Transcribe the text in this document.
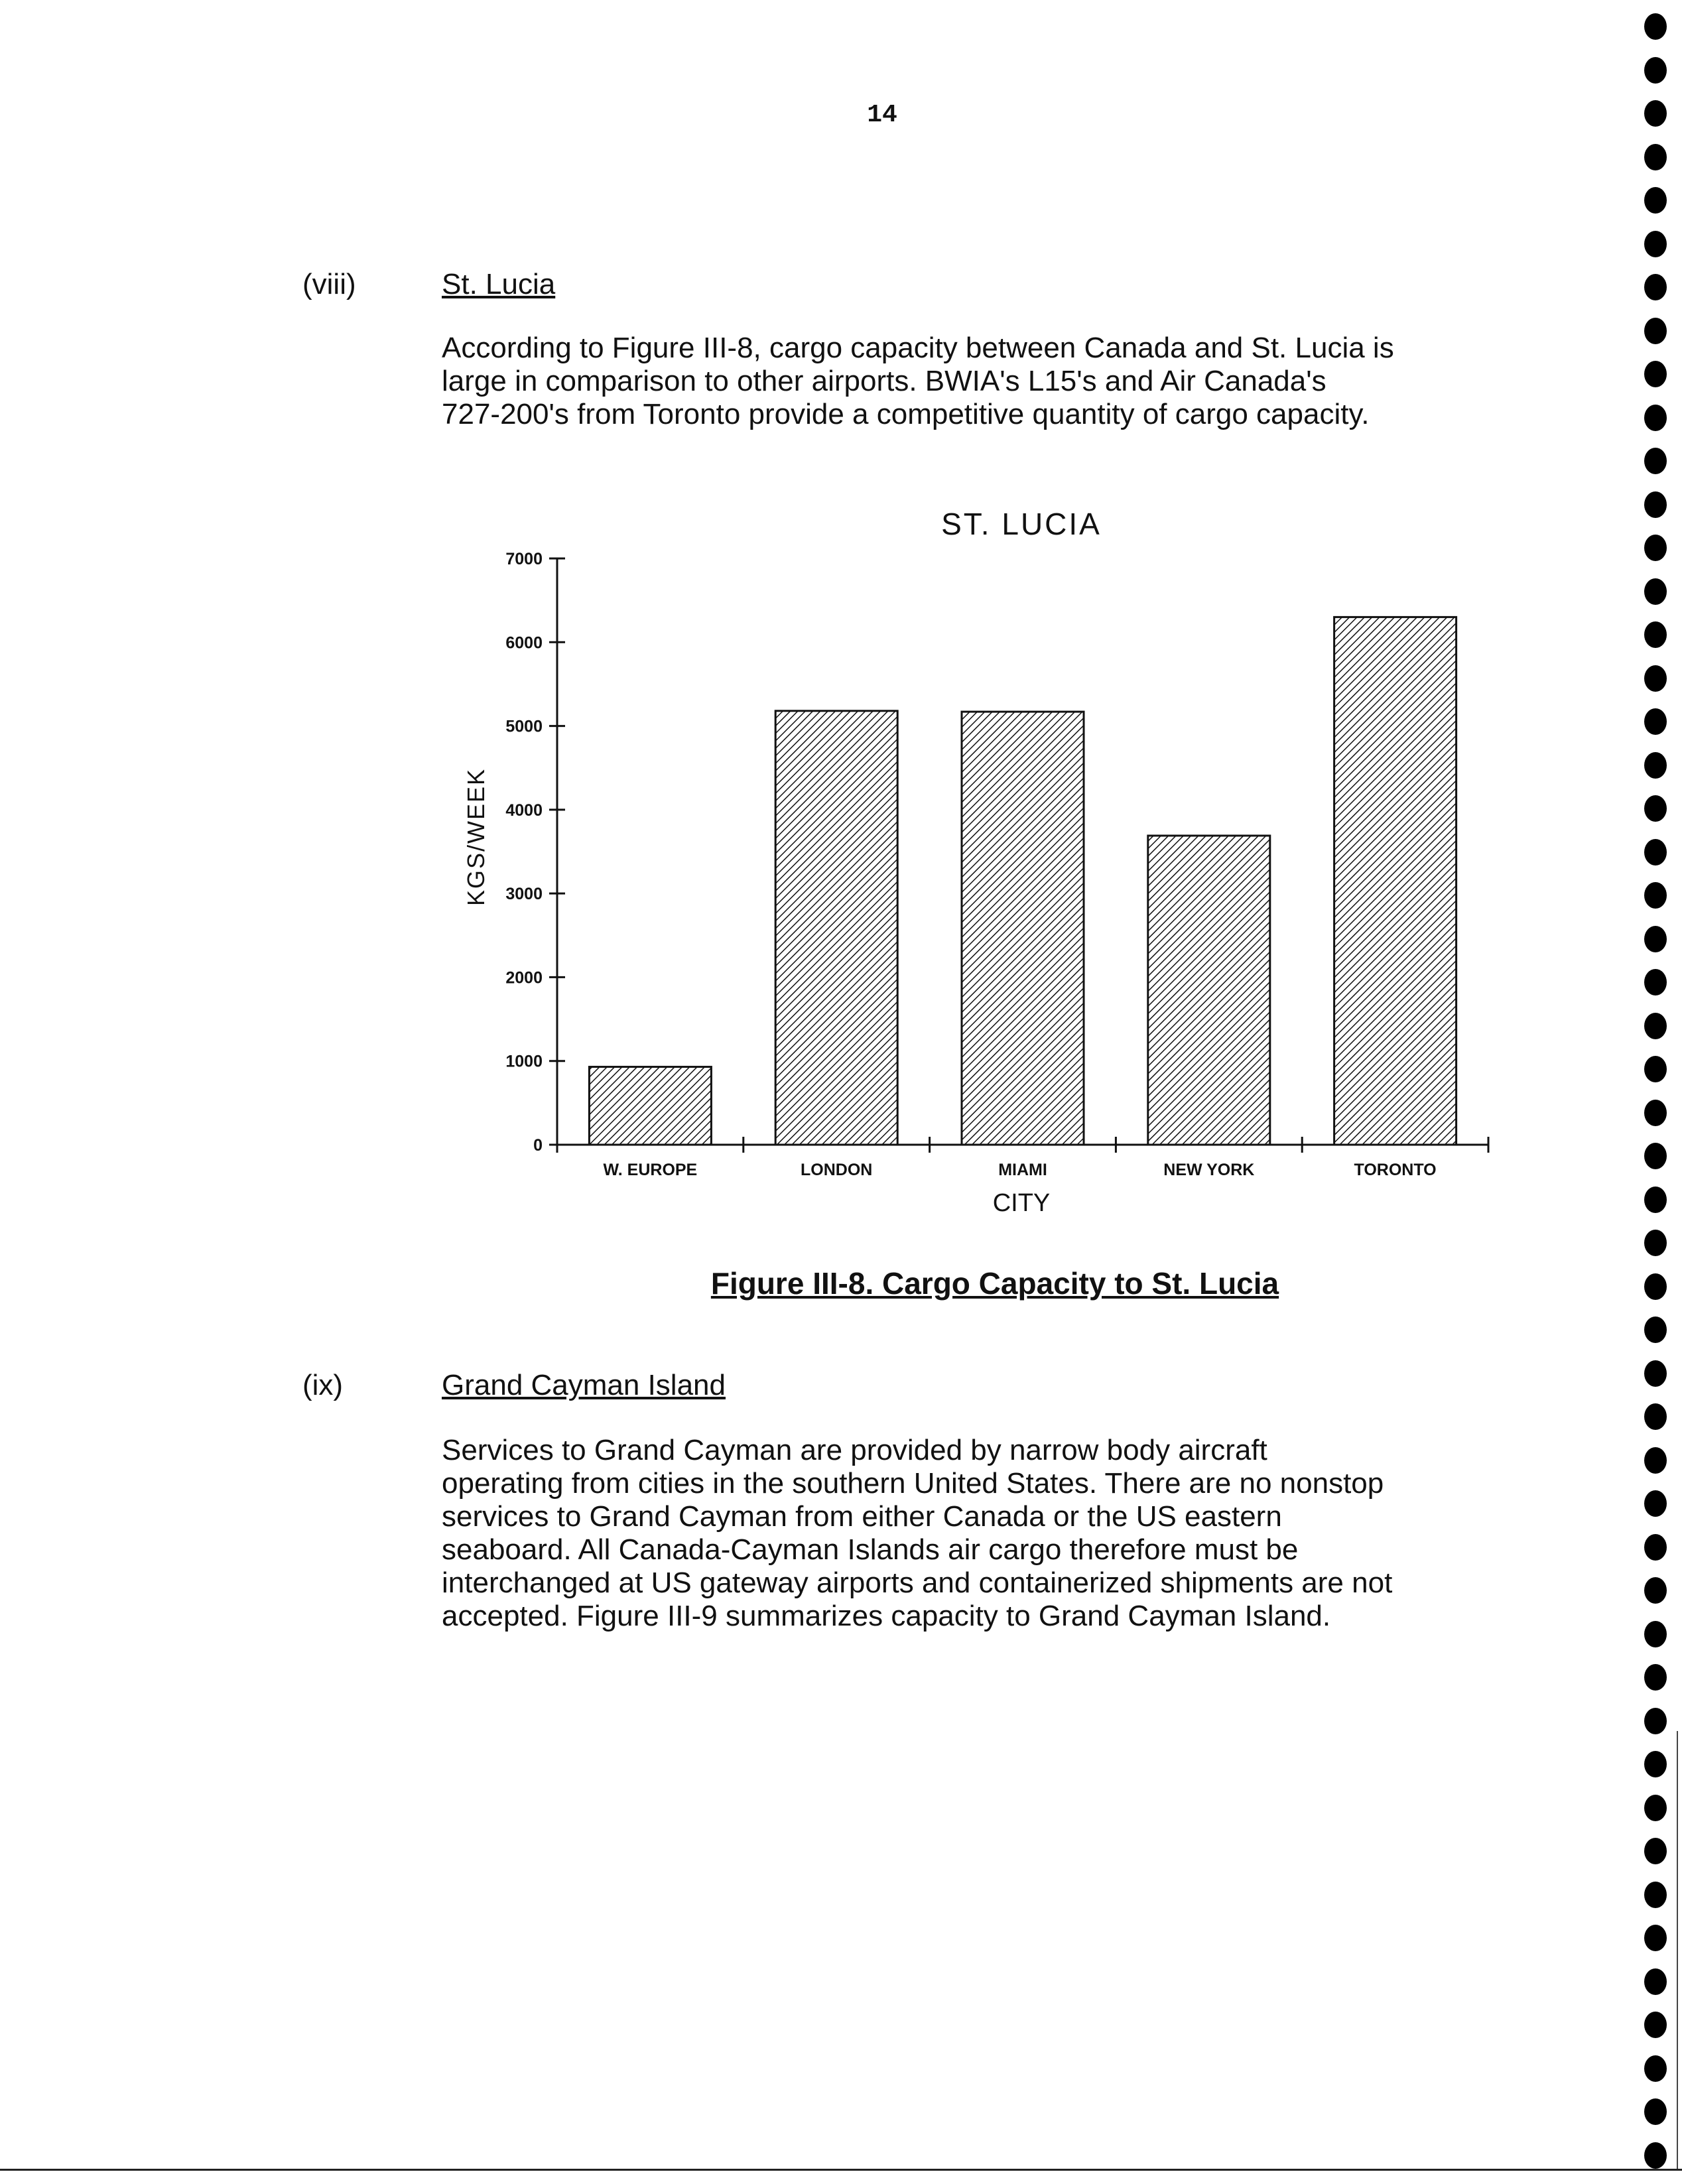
14
(viii)	St. Lucia

According to Figure III-8, cargo capacity between Canada and St. Lucia is
large in comparison to other airports. BWIA's L15's and Air Canada's
727-200's from Toronto provide a competitive quantity of cargo capacity.

ST. LUCIA
0
1000
2000
3000
4000
5000
6000
7000
W. EUROPE	LONDON	MIAMI	NEW YORK	TORONTO
CITY
KGS/WEEK
Figure III-8. Cargo Capacity to St. Lucia
(ix)	Grand Cayman Island

Services to Grand Cayman are provided by narrow body aircraft
operating from cities in the southern United States. There are no nonstop
services to Grand Cayman from either Canada or the US eastern
seaboard. All Canada-Cayman Islands air cargo therefore must be
interchanged at US gateway airports and containerized shipments are not
accepted. Figure III-9 summarizes capacity to Grand Cayman Island.
